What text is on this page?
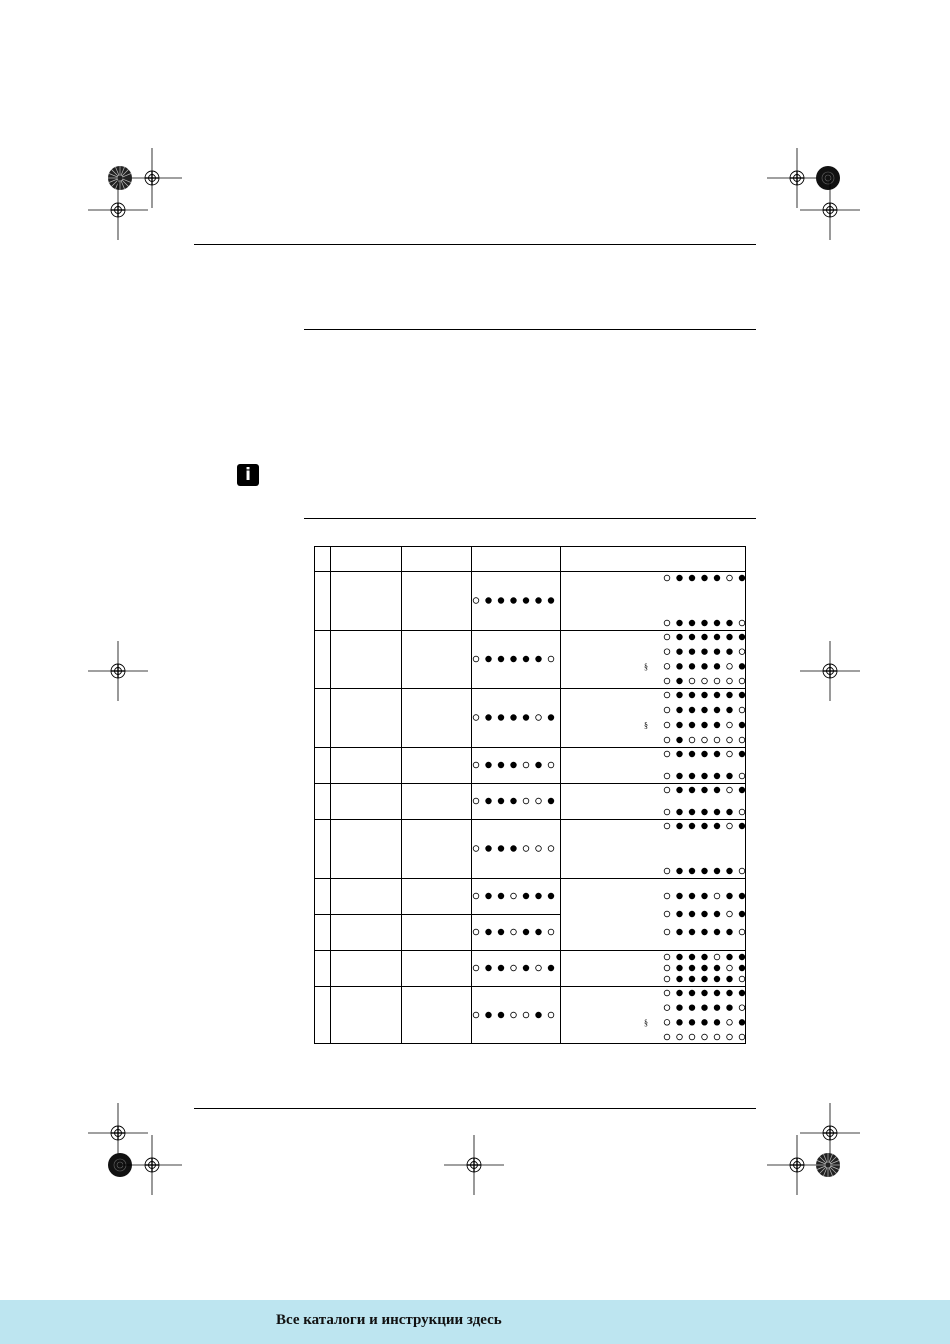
i
§
§
§
Все каталоги и инструкции здесь
